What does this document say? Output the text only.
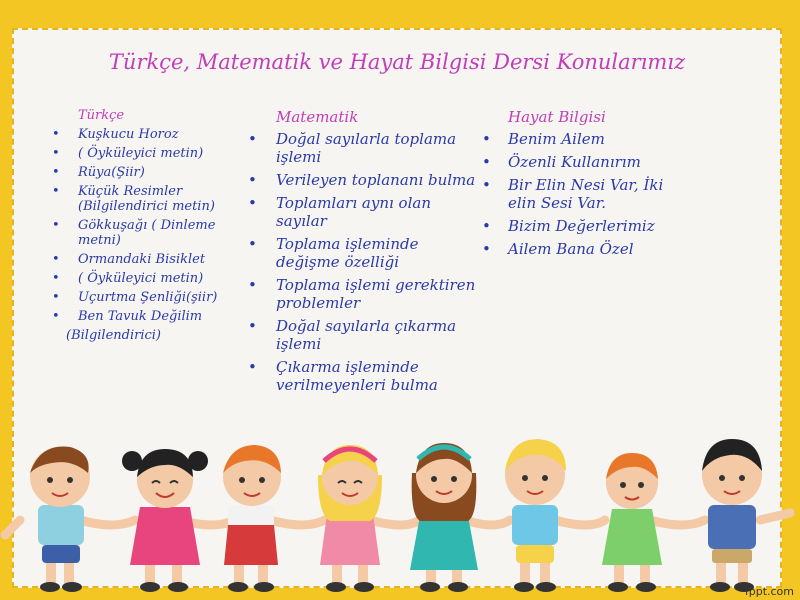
Türkçe, Matematik ve Hayat Bilgisi Dersi Konularımız
Türkçe
• Kuşkucu Horoz
• ( Öyküleyici metin)
• Rüya(Şiir)
• Küçük Resimler (Bilgilendirici metin)
• Gökkuşağı ( Dinleme metni)
• Ormandaki Bisiklet
• ( Öyküleyici metin)
• Uçurtma Şenliği(şiir)
• Ben Tavuk Değilim
(Bilgilendirici)
Matematik
• Doğal sayılarla toplama işlemi
• Verileyen toplananı bulma
• Toplamları aynı olan sayılar
• Toplama işleminde değişme özelliği
• Toplama işlemi gerektiren problemler
• Doğal sayılarla çıkarma işlemi
• Çıkarma işleminde verilmeyenleri bulma
Hayat Bilgisi
• Benim Ailem
• Özenli Kullanırım
• Bir Elin Nesi Var, İki elin Sesi Var.
• Bizim Değerlerimiz
• Ailem Bana Özel
fppt.com
